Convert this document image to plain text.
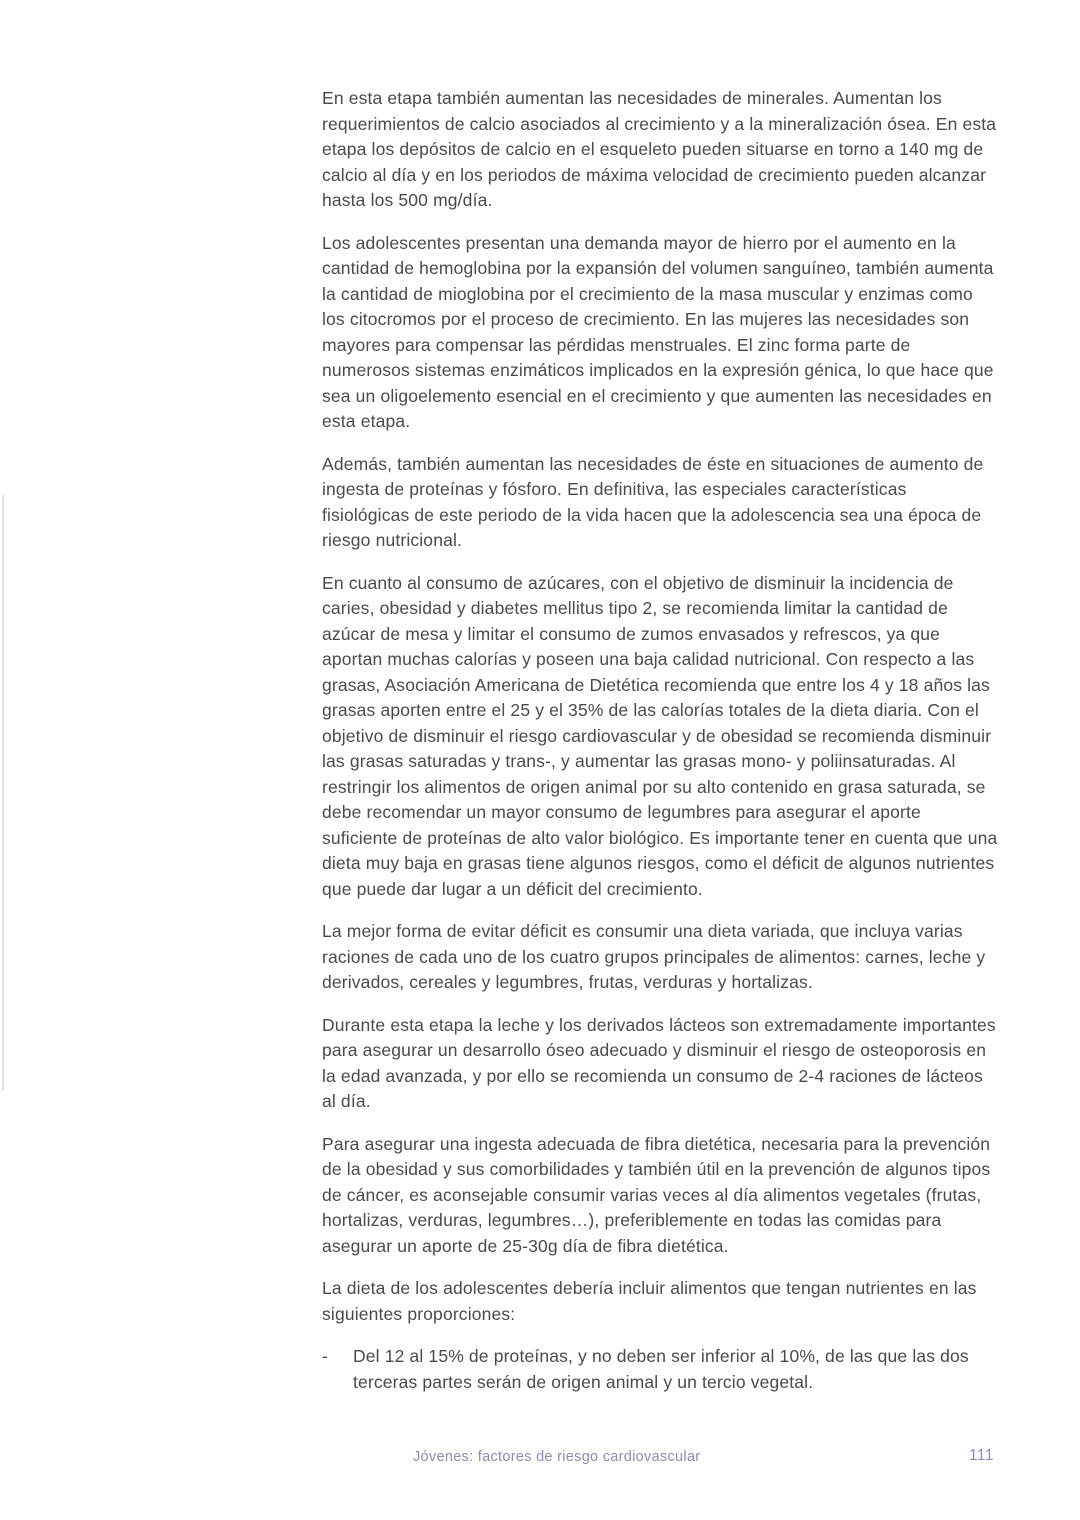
En esta etapa también aumentan las necesidades de minerales. Aumentan los requerimientos de calcio asociados al crecimiento y a la mineralización ósea. En esta etapa los depósitos de calcio en el esqueleto pueden situarse en torno a 140 mg de calcio al día y en los periodos de máxima velocidad de crecimiento pueden alcanzar hasta los 500 mg/día.

Los adolescentes presentan una demanda mayor de hierro por el aumento en la cantidad de hemoglobina por la expansión del volumen sanguíneo, también aumenta la cantidad de mioglobina por el crecimiento de la masa muscular y enzimas como los citocromos por el proceso de crecimiento. En las mujeres las necesidades son mayores para compensar las pérdidas menstruales. El zinc forma parte de numerosos sistemas enzimáticos implicados en la expresión génica, lo que hace que sea un oligoelemento esencial en el crecimiento y que aumenten las necesidades en esta etapa.

Además, también aumentan las necesidades de éste en situaciones de aumento de ingesta de proteínas y fósforo. En definitiva, las especiales características fisiológicas de este periodo de la vida hacen que la adolescencia sea una época de riesgo nutricional.

En cuanto al consumo de azúcares, con el objetivo de disminuir la incidencia de caries, obesidad y diabetes mellitus tipo 2, se recomienda limitar la cantidad de azúcar de mesa y limitar el consumo de zumos envasados y refrescos, ya que aportan muchas calorías y poseen una baja calidad nutricional. Con respecto a las grasas, Asociación Americana de Dietética recomienda que entre los 4 y 18 años las grasas aporten entre el 25 y el 35% de las calorías totales de la dieta diaria. Con el objetivo de disminuir el riesgo cardiovascular y de obesidad se recomienda disminuir las grasas saturadas y trans-, y aumentar las grasas mono- y poliinsaturadas. Al restringir los alimentos de origen animal por su alto contenido en grasa saturada, se debe recomendar un mayor consumo de legumbres para asegurar el aporte suficiente de proteínas de alto valor biológico. Es importante tener en cuenta que una dieta muy baja en grasas tiene algunos riesgos, como el déficit de algunos nutrientes que puede dar lugar a un déficit del crecimiento.

La mejor forma de evitar déficit es consumir una dieta variada, que incluya varias raciones de cada uno de los cuatro grupos principales de alimentos: carnes, leche y derivados, cereales y legumbres, frutas, verduras y hortalizas.

Durante esta etapa la leche y los derivados lácteos son extremadamente importantes para asegurar un desarrollo óseo adecuado y disminuir el riesgo de osteoporosis en la edad avanzada, y por ello se recomienda un consumo de 2-4 raciones de lácteos al día.

Para asegurar una ingesta adecuada de fibra dietética, necesaria para la prevención de la obesidad y sus comorbilidades y también útil en la prevención de algunos tipos de cáncer, es aconsejable consumir varias veces al día alimentos vegetales (frutas, hortalizas, verduras, legumbres…), preferiblemente en todas las comidas para asegurar un aporte de 25-30g día de fibra dietética.

La dieta de los adolescentes debería incluir alimentos que tengan nutrientes en las siguientes proporciones:

-	Del 12 al 15% de proteínas, y no deben ser inferior al 10%, de las que las dos terceras partes serán de origen animal y un tercio vegetal.
Jóvenes: factores de riesgo cardiovascular	111
